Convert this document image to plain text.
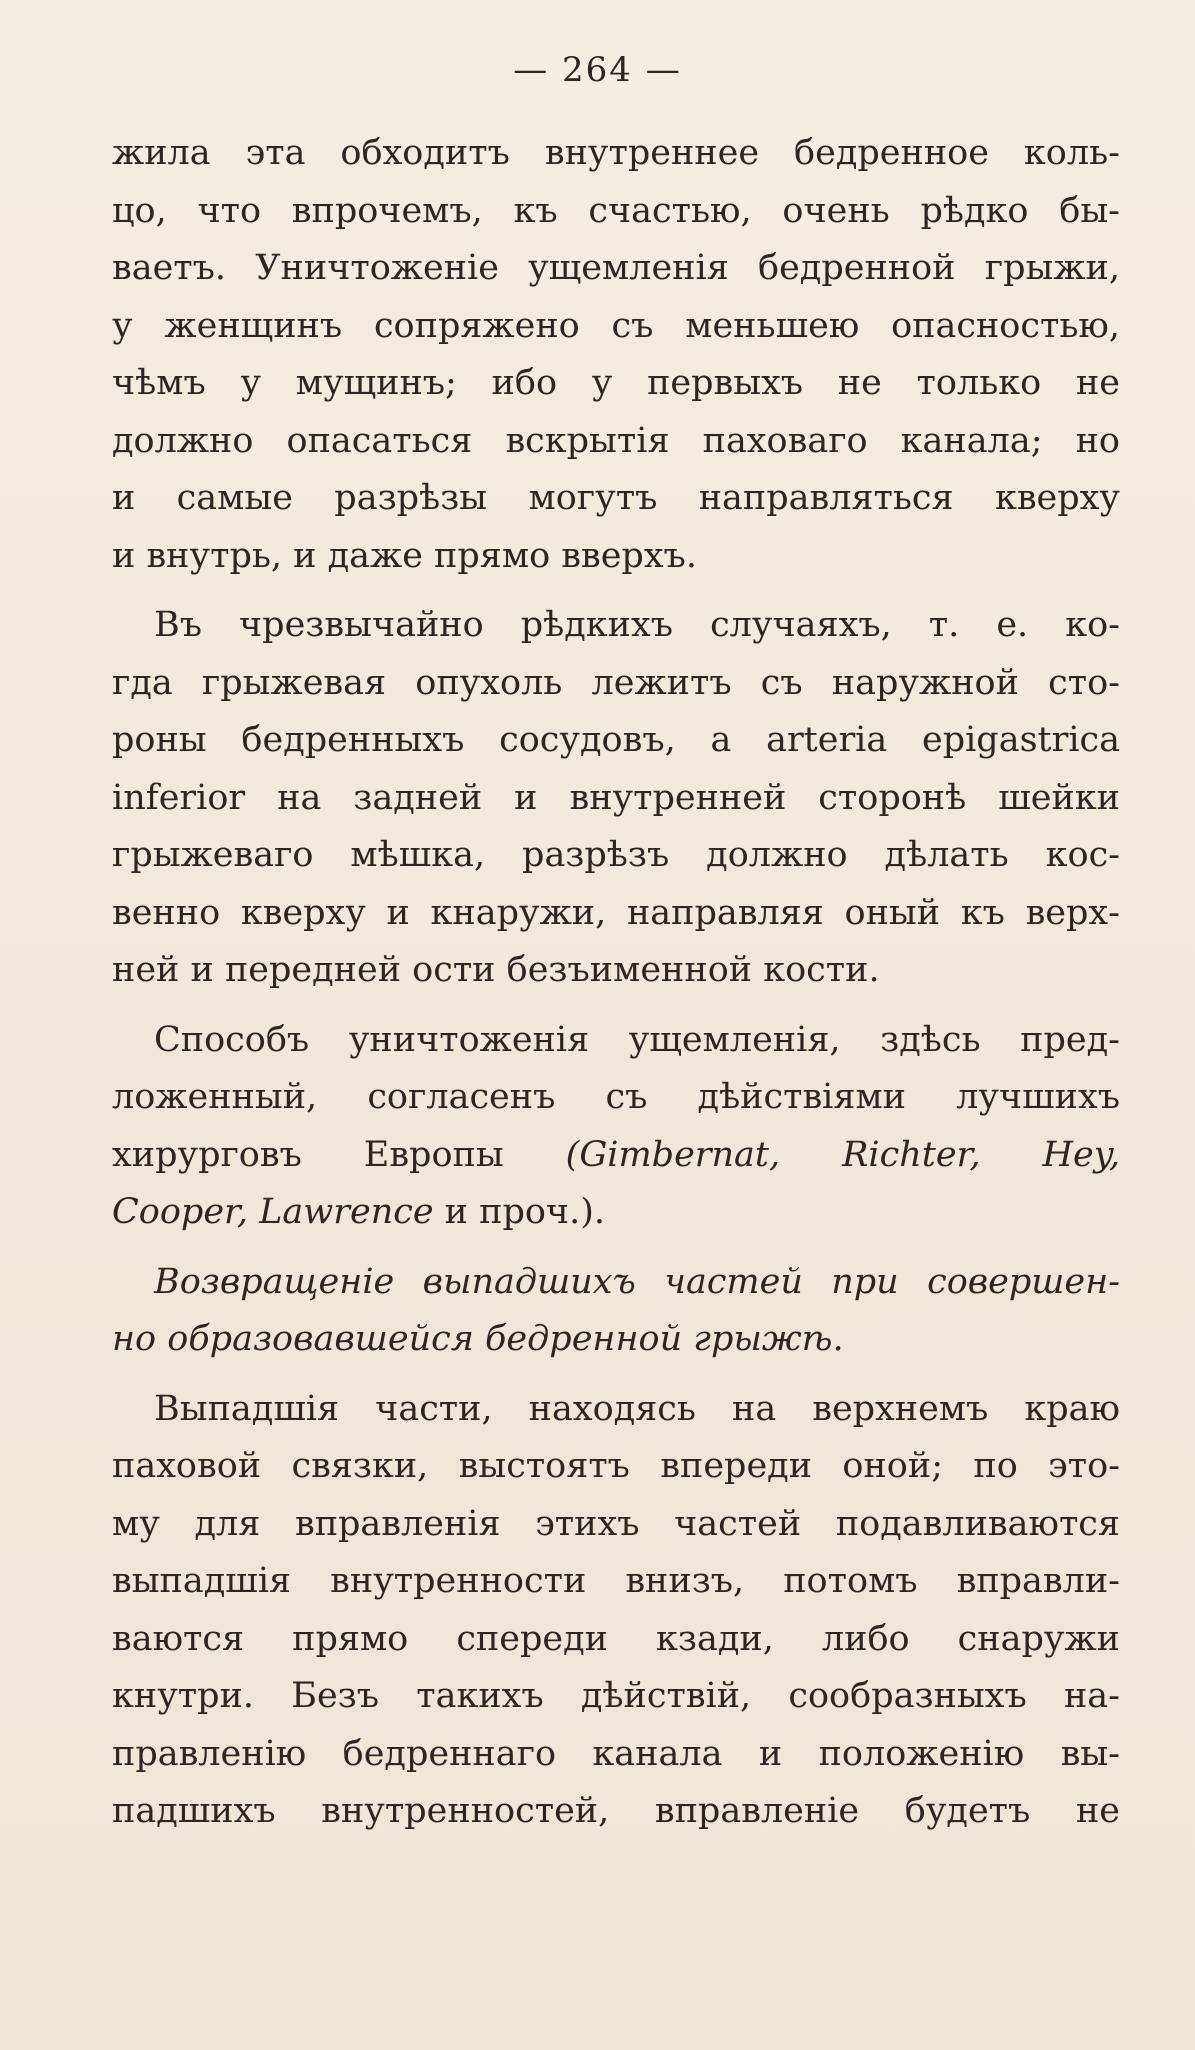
— 264 —
жила эта обходитъ внутреннее бедренное коль-
цо, что впрочемъ, къ счастью, очень рѣдко бы-
ваетъ. Уничтоженіе ущемленія бедренной грыжи,
у женщинъ сопряжено съ меньшею опасностью,
чѣмъ у мущинъ; ибо у первыхъ не только не
должно опасаться вскрытія паховаго канала; но
и самые разрѣзы могутъ направляться кверху
и внутрь, и даже прямо вверхъ.
Въ чрезвычайно рѣдкихъ случаяхъ, т. е. ко-
гда грыжевая опухоль лежитъ съ наружной сто-
роны бедренныхъ сосудовъ, а arteria epigastrica
inferior на задней и внутренней сторонѣ шейки
грыжеваго мѣшка, разрѣзъ должно дѣлать кос-
венно кверху и кнаружи, направляя оный къ верх-
ней и передней ости безъименной кости.
Способъ уничтоженія ущемленія, здѣсь пред-
ложенный, согласенъ съ дѣйствіями лучшихъ
хирурговъ Европы (Gimbernat, Richter, Hey,
Cooper, Lawrence и проч.).
Возвращеніе выпадшихъ частей при совершен-
но образовавшейся бедренной грыжѣ.
Выпадшія части, находясь на верхнемъ краю
паховой связки, выстоятъ впереди оной; по это-
му для вправленія этихъ частей подавливаются
выпадшія внутренности внизъ, потомъ вправли-
ваются прямо спереди кзади, либо снаружи
кнутри. Безъ такихъ дѣйствій, сообразныхъ на-
правленію бедреннаго канала и положенію вы-
падшихъ внутренностей, вправленіе будетъ не
